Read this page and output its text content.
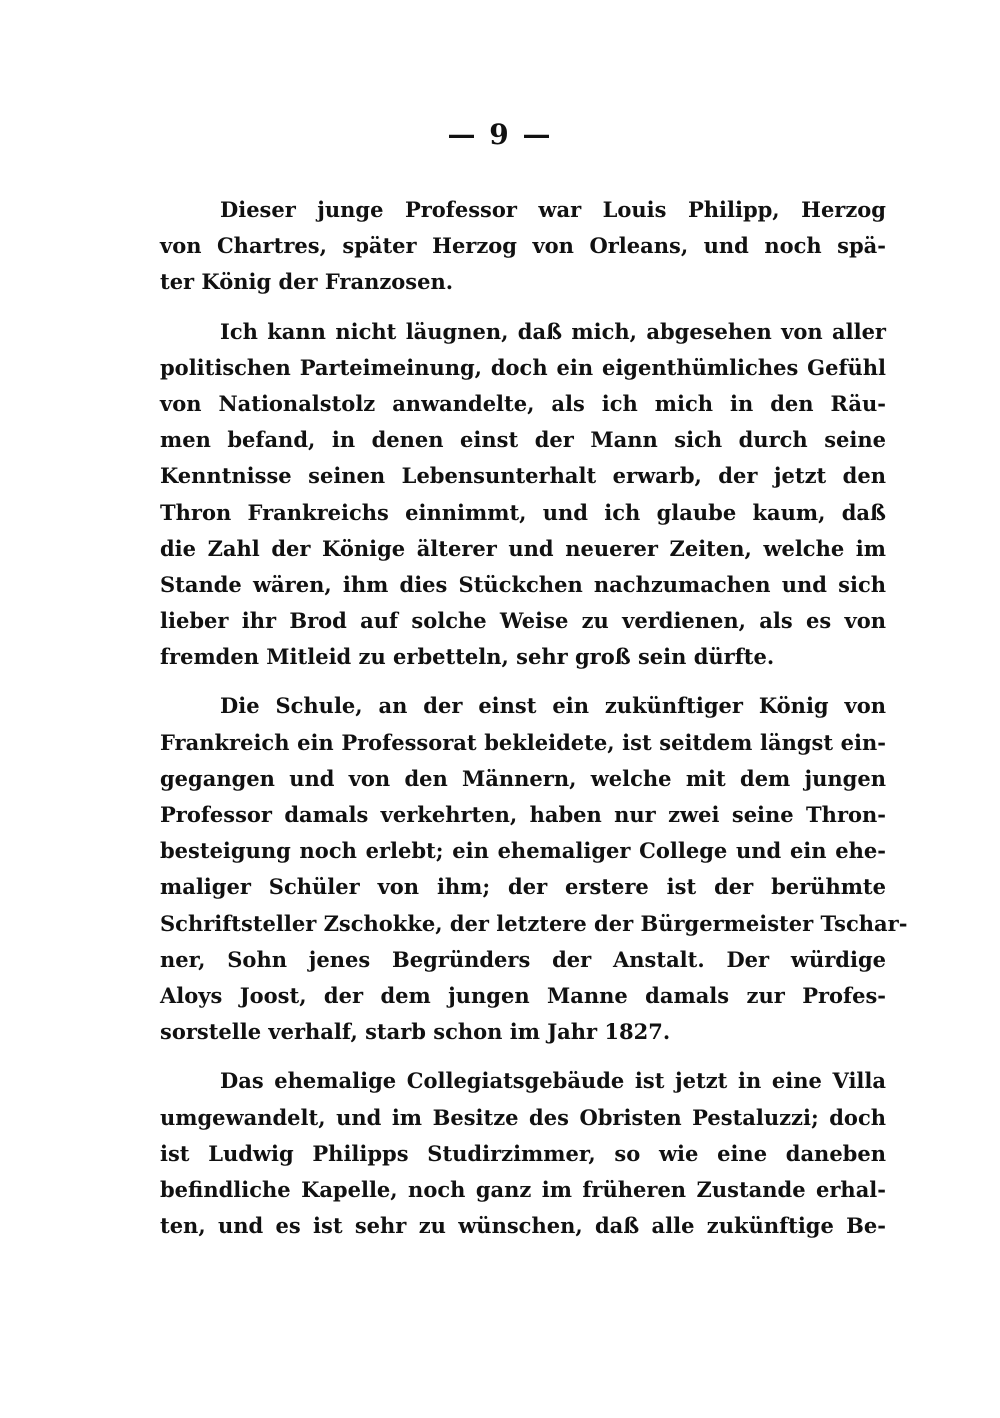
— 9 —
Dieser junge Professor war Louis Philipp, Herzog
von Chartres, später Herzog von Orleans, und noch spä-
ter König der Franzosen.
Ich kann nicht läugnen, daß mich, abgesehen von aller
politischen Parteimeinung, doch ein eigenthümliches Gefühl
von Nationalstolz anwandelte, als ich mich in den Räu-
men befand, in denen einst der Mann sich durch seine
Kenntnisse seinen Lebensunterhalt erwarb, der jetzt den
Thron Frankreichs einnimmt, und ich glaube kaum, daß
die Zahl der Könige älterer und neuerer Zeiten, welche im
Stande wären, ihm dies Stückchen nachzumachen und sich
lieber ihr Brod auf solche Weise zu verdienen, als es von
fremden Mitleid zu erbetteln, sehr groß sein dürfte.
Die Schule, an der einst ein zukünftiger König von
Frankreich ein Professorat bekleidete, ist seitdem längst ein-
gegangen und von den Männern, welche mit dem jungen
Professor damals verkehrten, haben nur zwei seine Thron-
besteigung noch erlebt; ein ehemaliger College und ein ehe-
maliger Schüler von ihm; der erstere ist der berühmte
Schriftsteller Zschokke, der letztere der Bürgermeister Tschar-
ner, Sohn jenes Begründers der Anstalt. Der würdige
Aloys Joost, der dem jungen Manne damals zur Profes-
sorstelle verhalf, starb schon im Jahr 1827.
Das ehemalige Collegiatsgebäude ist jetzt in eine Villa
umgewandelt, und im Besitze des Obristen Pestaluzzi; doch
ist Ludwig Philipps Studirzimmer, so wie eine daneben
befindliche Kapelle, noch ganz im früheren Zustande erhal-
ten, und es ist sehr zu wünschen, daß alle zukünftige Be-
